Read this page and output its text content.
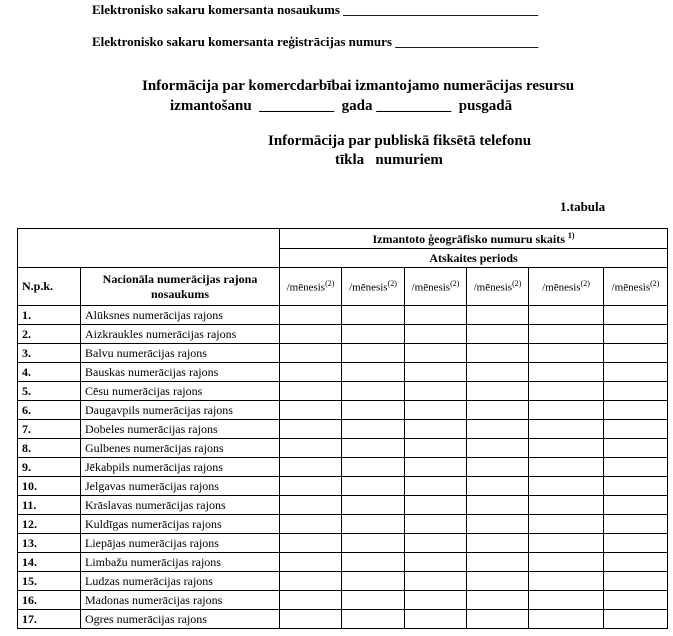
Elektronisko sakaru komersanta nosaukums ______________________________
Elektronisko sakaru komersanta reģistrācijas numurs ______________________
Informācija par komercdarbībai izmantojamo numerācijas resursu
izmantošanu  __________  gada __________  pusgadā
Informācija par publiskā fiksētā telefonu
tīkla   numuriem
1.tabula
		Izmantoto ģeogrāfisko numuru skaits $^{1)}$
		Atskaites periods					
N.p.k.	Nacionāla numerācijas rajona nosaukums	/mēnesis$^{(2)}$	/mēnesis$^{(2)}$	/mēnesis$^{(2)}$	/mēnesis$^{(2)}$	/mēnesis$^{(2)}$	/mēnesis$^{(2)}$
1.	Alūksnes numerācijas rajons						
2.	Aizkraukles numerācijas rajons						
3.	Balvu numerācijas rajons						
4.	Bauskas numerācijas rajons						
5.	Cēsu numerācijas rajons						
6.	Daugavpils numerācijas rajons						
7.	Dobeles numerācijas rajons						
8.	Gulbenes numerācijas rajons						
9.	Jēkabpils numerācijas rajons						
10.	Jelgavas numerācijas rajons						
11.	Krāslavas numerācijas rajons						
12.	Kuldīgas numerācijas rajons						
13.	Liepājas numerācijas rajons						
14.	Limbažu numerācijas rajons						
15.	Ludzas numerācijas rajons						
16.	Madonas numerācijas rajons						
17.	Ogres numerācijas rajons						
